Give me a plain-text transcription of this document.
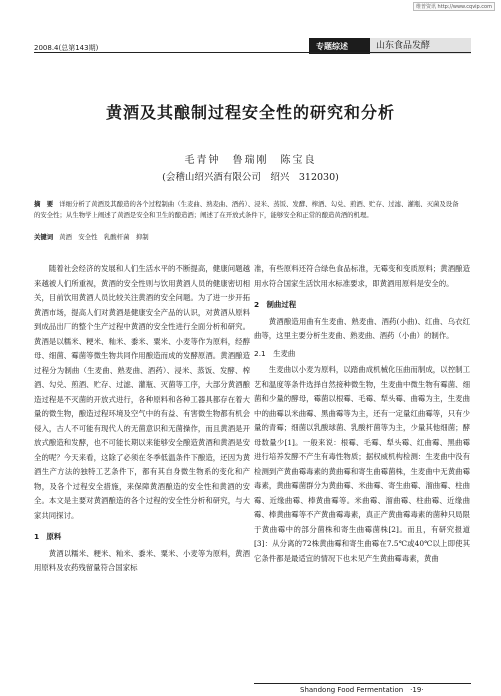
维普资讯 http://www.cqvip.com
2008.4(总第143期)	专题综述	山东食品发酵
黄酒及其酿制过程安全性的研究和分析
毛青钟　鲁瑞刚　陈宝良
(会稽山绍兴酒有限公司　绍兴　312030)
摘　要 详细分析了黄酒及其酿造的各个过程制曲（生麦曲、熟麦曲、酒药）、浸米、蒸饭、发酵、榨酒、勾兑、煎酒、贮存、过滤、灌瓶、灭菌及设备的安全性；从生物学上阐述了黄酒是安全和卫生的酿造酒；阐述了在开放式条件下，能够安全和正常的酿造黄酒的机理。
关键词 黄酒　安全性　乳酸杆菌　抑制

随着社会经济的发展和人们生活水平的不断提高，健康问题越来越被人们所重视，黄酒的安全性则与饮用黄酒人员的健康密切相关，目前饮用黄酒人员比较关注黄酒的安全问题。为了进一步开拓黄酒市场，提高人们对黄酒是健康安全产品的认识，对黄酒从原料到成品出厂的整个生产过程中黄酒的安全性进行全面分析和研究。黄酒是以糯米、粳米、籼米、黍米、粟米、小麦等作为原料，经醇母、细菌、霉菌等微生物共同作用酿造而成的发酵原酒。黄酒酿造过程分为制曲（生麦曲、熟麦曲、酒药）、浸米、蒸饭、发酵、榨酒、勾兑、煎酒、贮存、过滤、灌瓶、灭菌等工序，大部分黄酒酿造过程是不灭菌的开放式进行，各种原料和各种工器具都存在着大量的微生物，酿造过程环境及空气中的有益、有害微生物都有机会侵入，古人不可能有现代人的无菌意识和无菌操作，而且黄酒是开放式酿造和发酵，也不可能长期以来能够安全酿造黄酒和黄酒是安全的呢？今天来看，这除了必须在冬季低温条件下酿造，还因为黄酒生产方法的独特工艺条件下，都有其自身微生物系的变化和产物，及各个过程安全措施，来保障黄酒酿造的安全性和黄酒的安全。本文是主要对黄酒酿造的各个过程的安全性分析和研究，与大家共同探讨。

1　原料

黄酒以糯米、粳米、籼米、黍米、粟米、小麦等为原料，黄酒用原料及农药残留量符合国家标

准，有些原料还符合绿色食品标准，无霉变和变质原料；黄酒酿造用水符合国家生活饮用水标准要求，即黄酒用原料是安全的。

2　制曲过程

黄酒酿造用曲有生麦曲、熟麦曲、酒药(小曲)、红曲、乌衣红曲等，这里主要分析生麦曲、熟麦曲、酒药（小曲）的制作。

2.1　生麦曲

生麦曲以小麦为原料，以踏曲成机械化压曲而制成，以控制工艺和温度等条件选择自然接种微生物，生麦曲中微生物有霉菌、细菌和少量的酵母，霉菌以根霉、毛霉、犁头霉、曲霉为主，生麦曲中的曲霉以米曲霉、黑曲霉等为主，还有一定量红曲霉等，只有少量的青霉；细菌以乳酸球菌、乳酸杆菌等为主，少量其他细菌；酵母数量少[1]。一般来说：根霉、毛霉、犁头霉、红曲霉、黑曲霉进行培养发酵不产生有毒性物质；据权威机构检测：生麦曲中没有检测到产黄曲霉毒素的黄曲霉和寄生曲霉菌株，生麦曲中无黄曲霉毒素，黄曲霉菌群分为黄曲霉、米曲霉、寄生曲霉、溜曲霉、柱曲霉、近缘曲霉、棒黄曲霉等。米曲霉、溜曲霉、柱曲霉、近缘曲霉、棒黄曲霉等不产黄曲霉毒素，真正产黄曲霉毒素的菌种只局限于黄曲霉中的部分菌株和寄生曲霉菌株[2]。而且，有研究报道[3]：从分离的72株黄曲霉和寄生曲霉在7.5℃或40℃以上即使其它条件都是最适宜的情况下也未见产生黄曲霉毒素，黄曲

Shandong Food Fermentation　·19·
